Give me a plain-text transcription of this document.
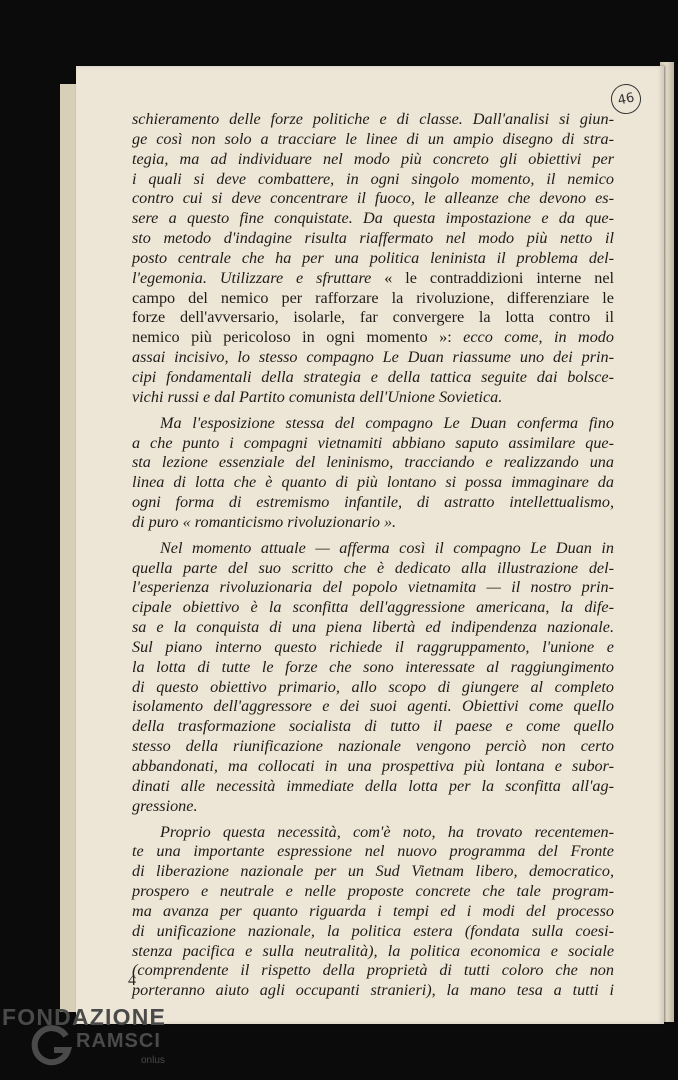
46
schieramento delle forze politiche e di classe. Dall'analisi si giun-
ge così non solo a tracciare le linee di un ampio disegno di stra-
tegia, ma ad individuare nel modo più concreto gli obiettivi per
i quali si deve combattere, in ogni singolo momento, il nemico
contro cui si deve concentrare il fuoco, le alleanze che devono es-
sere a questo fine conquistate. Da questa impostazione e da que-
sto metodo d'indagine risulta riaffermato nel modo più netto il
posto centrale che ha per una politica leninista il problema del-
l'egemonia. Utilizzare e sfruttare « le contraddizioni interne nel
campo del nemico per rafforzare la rivoluzione, differenziare le
forze dell'avversario, isolarle, far convergere la lotta contro il
nemico più pericoloso in ogni momento »: ecco come, in modo
assai incisivo, lo stesso compagno Le Duan riassume uno dei prin-
cipi fondamentali della strategia e della tattica seguite dai bolsce-
vichi russi e dal Partito comunista dell'Unione Sovietica.
Ma l'esposizione stessa del compagno Le Duan conferma fino
a che punto i compagni vietnamiti abbiano saputo assimilare que-
sta lezione essenziale del leninismo, tracciando e realizzando una
linea di lotta che è quanto di più lontano si possa immaginare da
ogni forma di estremismo infantile, di astratto intellettualismo,
di puro « romanticismo rivoluzionario ».
Nel momento attuale — afferma così il compagno Le Duan in
quella parte del suo scritto che è dedicato alla illustrazione del-
l'esperienza rivoluzionaria del popolo vietnamita — il nostro prin-
cipale obiettivo è la sconfitta dell'aggressione americana, la dife-
sa e la conquista di una piena libertà ed indipendenza nazionale.
Sul piano interno questo richiede il raggruppamento, l'unione e
la lotta di tutte le forze che sono interessate al raggiungimento
di questo obiettivo primario, allo scopo di giungere al completo
isolamento dell'aggressore e dei suoi agenti. Obiettivi come quello
della trasformazione socialista di tutto il paese e come quello
stesso della riunificazione nazionale vengono perciò non certo
abbandonati, ma collocati in una prospettiva più lontana e subor-
dinati alle necessità immediate della lotta per la sconfitta all'ag-
gressione.
Proprio questa necessità, com'è noto, ha trovato recentemen-
te una importante espressione nel nuovo programma del Fronte
di liberazione nazionale per un Sud Vietnam libero, democratico,
prospero e neutrale e nelle proposte concrete che tale program-
ma avanza per quanto riguarda i tempi ed i modi del processo
di unificazione nazionale, la politica estera (fondata sulla coesi-
stenza pacifica e sulla neutralità), la politica economica e sociale
(comprendente il rispetto della proprietà di tutti coloro che non
porteranno aiuto agli occupanti stranieri), la mano tesa a tutti i
4
FONDAZIONE
RAMSCI
onlus
